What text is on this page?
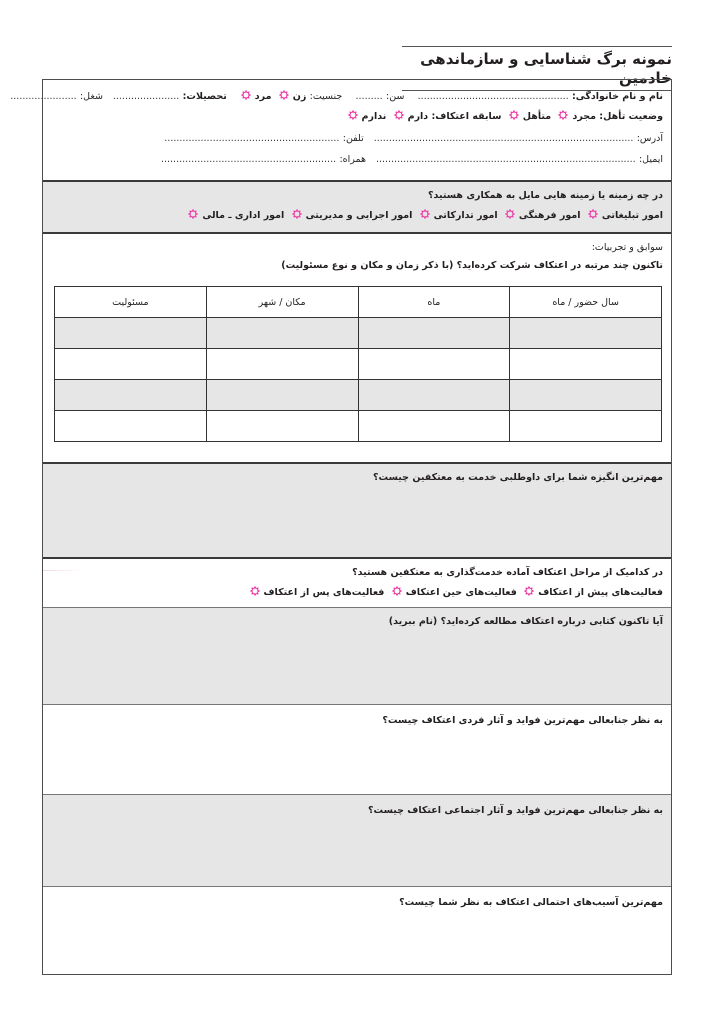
نمونه برگ شناسایی و سازماندهی خادمین
نام و نام خانوادگی: ..................................................    سن: .........    جنسیت: زن مرد   تحصیلات: ......................   شغل: ......................
وضعیت تأهل: مجرد متأهل سابقه اعتکاف: دارم ندارم
آدرس: ......................................................................................   تلفن: ..........................................................
ایمیل: ......................................................................................   همراه: ..........................................................
در چه زمینه یا زمینه هایی مایل به همکاری هستید؟
امور تبلیغاتی امور فرهنگی امور تدارکاتی امور اجرایی و مدیریتی امور اداری ـ مالی
سوابق و تجربیات:
تاکنون چند مرتبه در اعتکاف شرکت کرده‌اید؟ (با ذکر زمان و مکان و نوع مسئولیت)
سال حضور / ماه	ماه	مکان / شهر	مسئولیت

مهم‌ترین انگیزه شما برای داوطلبی خدمت به معتکفین چیست؟
در کدامیک از مراحل اعتکاف آماده خدمت‌گذاری به معتکفین هستید؟
فعالیت‌های پیش از اعتکاف فعالیت‌های حین اعتکاف فعالیت‌های پس از اعتکاف
آیا تاکنون کتابی درباره اعتکاف مطالعه کرده‌اید؟ (نام ببرید)
به نظر جنابعالی مهم‌ترین فواید و آثار فردی اعتکاف چیست؟
به نظر جنابعالی مهم‌ترین فواید و آثار اجتماعی اعتکاف چیست؟
مهم‌ترین آسیب‌های احتمالی اعتکاف به نظر شما چیست؟
